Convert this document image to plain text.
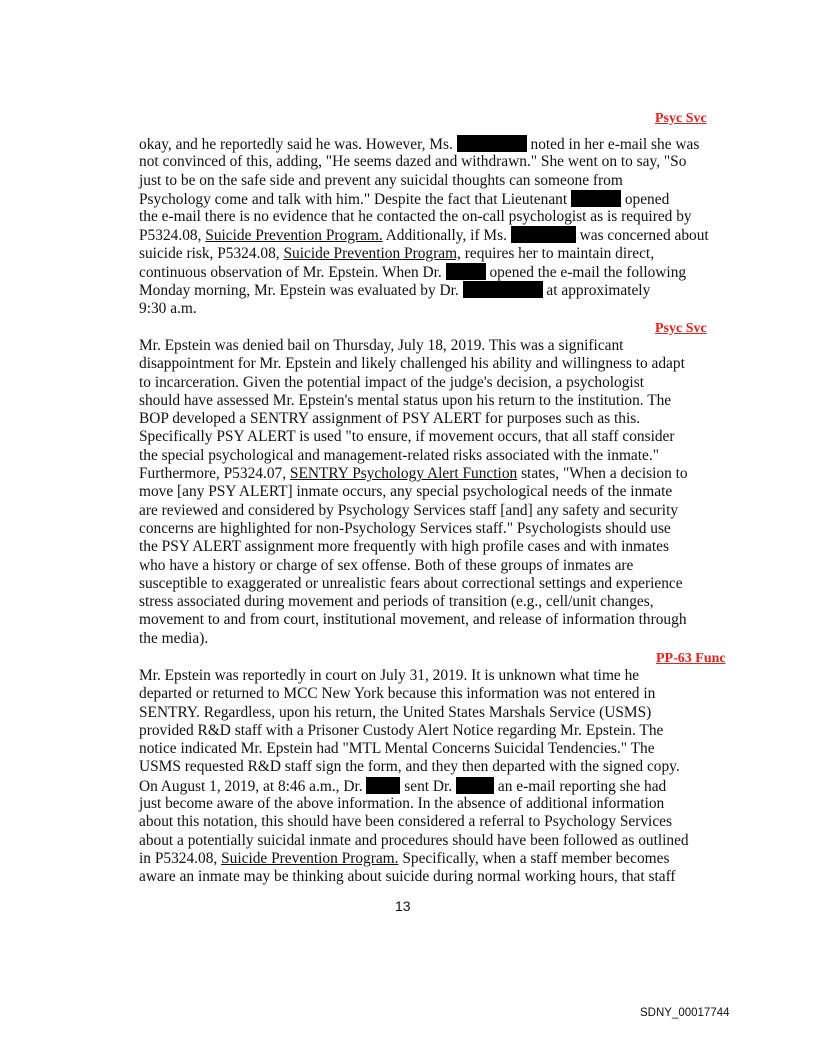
Psyc Svc
okay, and he reportedly said he was. However, Ms.	noted in her e-mail she was
not convinced of this, adding, "He seems dazed and withdrawn." She went on to say, "So
just to be on the safe side and prevent any suicidal thoughts can someone from
Psychology come and talk with him." Despite the fact that Lieutenant	opened
the e-mail there is no evidence that he contacted the on-call psychologist as is required by
P5324.08, Suicide Prevention Program. Additionally, if Ms.	was concerned about
suicide risk, P5324.08, Suicide Prevention Program, requires her to maintain direct,
continuous observation of Mr. Epstein. When Dr.	opened the e-mail the following
Monday morning, Mr. Epstein was evaluated by Dr.	at approximately
9:30 a.m.
Psyc Svc
Mr. Epstein was denied bail on Thursday, July 18, 2019. This was a significant
disappointment for Mr. Epstein and likely challenged his ability and willingness to adapt
to incarceration. Given the potential impact of the judge's decision, a psychologist
should have assessed Mr. Epstein's mental status upon his return to the institution. The
BOP developed a SENTRY assignment of PSY ALERT for purposes such as this.
Specifically PSY ALERT is used "to ensure, if movement occurs, that all staff consider
the special psychological and management-related risks associated with the inmate."
Furthermore, P5324.07, SENTRY Psychology Alert Function states, "When a decision to
move [any PSY ALERT] inmate occurs, any special psychological needs of the inmate
are reviewed and considered by Psychology Services staff [and] any safety and security
concerns are highlighted for non-Psychology Services staff." Psychologists should use
the PSY ALERT assignment more frequently with high profile cases and with inmates
who have a history or charge of sex offense. Both of these groups of inmates are
susceptible to exaggerated or unrealistic fears about correctional settings and experience
stress associated during movement and periods of transition (e.g., cell/unit changes,
movement to and from court, institutional movement, and release of information through
the media).
PP-63 Func
Mr. Epstein was reportedly in court on July 31, 2019. It is unknown what time he
departed or returned to MCC New York because this information was not entered in
SENTRY. Regardless, upon his return, the United States Marshals Service (USMS)
provided R&D staff with a Prisoner Custody Alert Notice regarding Mr. Epstein. The
notice indicated Mr. Epstein had "MTL Mental Concerns Suicidal Tendencies." The
USMS requested R&D staff sign the form, and they then departed with the signed copy.
On August 1, 2019, at 8:46 a.m., Dr.  sent Dr.  an e-mail reporting she had
just become aware of the above information. In the absence of additional information
about this notation, this should have been considered a referral to Psychology Services
about a potentially suicidal inmate and procedures should have been followed as outlined
in P5324.08, Suicide Prevention Program. Specifically, when a staff member becomes
aware an inmate may be thinking about suicide during normal working hours, that staff
13
SDNY_00017744
